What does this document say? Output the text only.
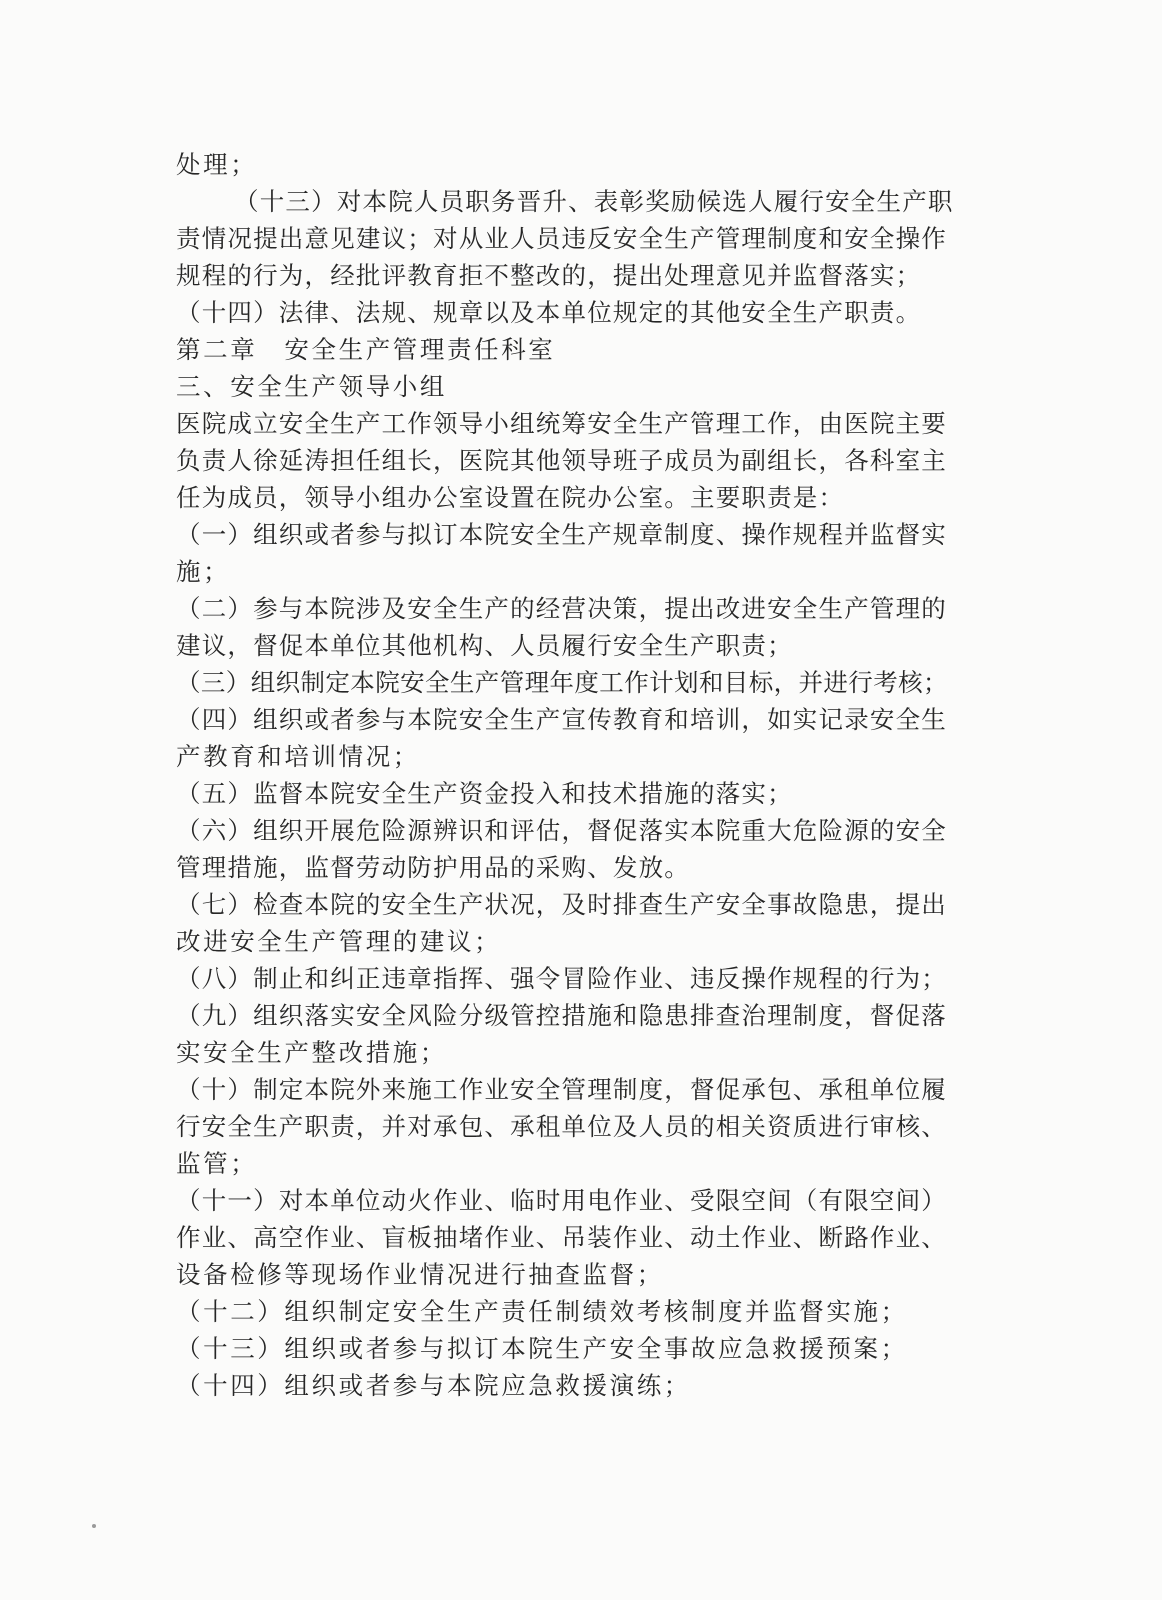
处理；
（十三）对本院人员职务晋升、表彰奖励候选人履行安全生产职
责情况提出意见建议；对从业人员违反安全生产管理制度和安全操作
规程的行为，经批评教育拒不整改的，提出处理意见并监督落实；
（十四）法律、法规、规章以及本单位规定的其他安全生产职责。
第二章　安全生产管理责任科室
三、安全生产领导小组
医院成立安全生产工作领导小组统筹安全生产管理工作，由医院主要
负责人徐延涛担任组长，医院其他领导班子成员为副组长，各科室主
任为成员，领导小组办公室设置在院办公室。主要职责是：
（一）组织或者参与拟订本院安全生产规章制度、操作规程并监督实
施；
（二）参与本院涉及安全生产的经营决策，提出改进安全生产管理的
建议，督促本单位其他机构、人员履行安全生产职责；
（三）组织制定本院安全生产管理年度工作计划和目标，并进行考核；
（四）组织或者参与本院安全生产宣传教育和培训，如实记录安全生
产教育和培训情况；
（五）监督本院安全生产资金投入和技术措施的落实；
（六）组织开展危险源辨识和评估，督促落实本院重大危险源的安全
管理措施，监督劳动防护用品的采购、发放。
（七）检查本院的安全生产状况，及时排查生产安全事故隐患，提出
改进安全生产管理的建议；
（八）制止和纠正违章指挥、强令冒险作业、违反操作规程的行为；
（九）组织落实安全风险分级管控措施和隐患排查治理制度，督促落
实安全生产整改措施；
（十）制定本院外来施工作业安全管理制度，督促承包、承租单位履
行安全生产职责，并对承包、承租单位及人员的相关资质进行审核、
监管；
（十一）对本单位动火作业、临时用电作业、受限空间（有限空间）
作业、高空作业、盲板抽堵作业、吊装作业、动土作业、断路作业、
设备检修等现场作业情况进行抽查监督；
（十二）组织制定安全生产责任制绩效考核制度并监督实施；
（十三）组织或者参与拟订本院生产安全事故应急救援预案；
（十四）组织或者参与本院应急救援演练；
